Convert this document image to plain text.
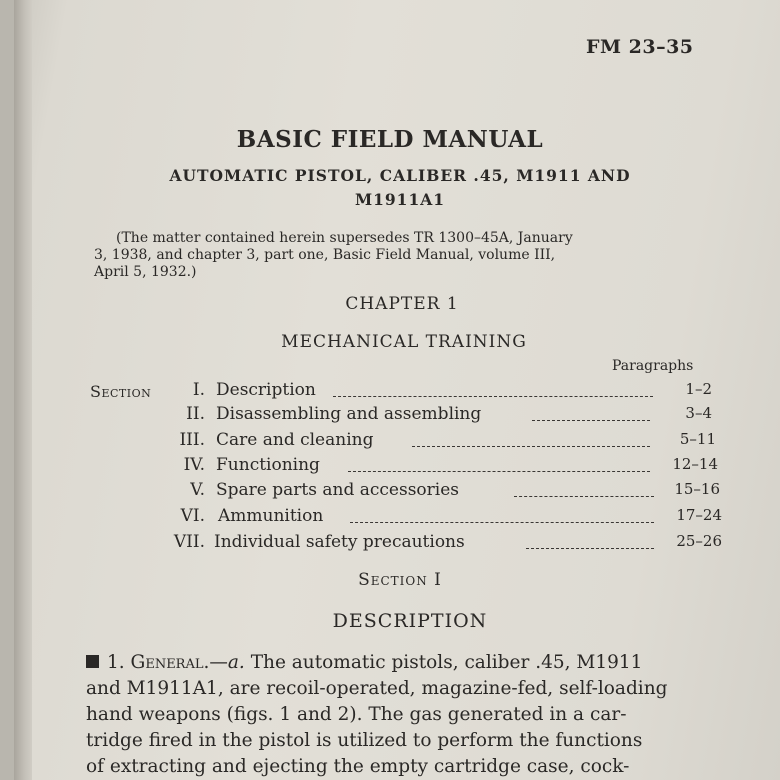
FM 23–35
BASIC FIELD MANUAL
AUTOMATIC PISTOL, CALIBER .45, M1911 AND
M1911A1
(The matter contained herein supersedes TR 1300–45A, January
3, 1938, and chapter 3, part one, Basic Field Manual, volume III,
April 5, 1932.)
CHAPTER 1
MECHANICAL TRAINING
Paragraphs
Section	I. Description	1–2
II. Disassembling and assembling	3–4
III. Care and cleaning	5–11
IV. Functioning	12–14
V. Spare parts and accessories	15–16
VI. Ammunition	17–24
VII. Individual safety precautions	25–26
Section I
DESCRIPTION
1. General.—a. The automatic pistols, caliber .45, M1911
and M1911A1, are recoil-operated, magazine-fed, self-loading
hand weapons (figs. 1 and 2). The gas generated in a car-
tridge fired in the pistol is utilized to perform the functions
of extracting and ejecting the empty cartridge case, cock-
